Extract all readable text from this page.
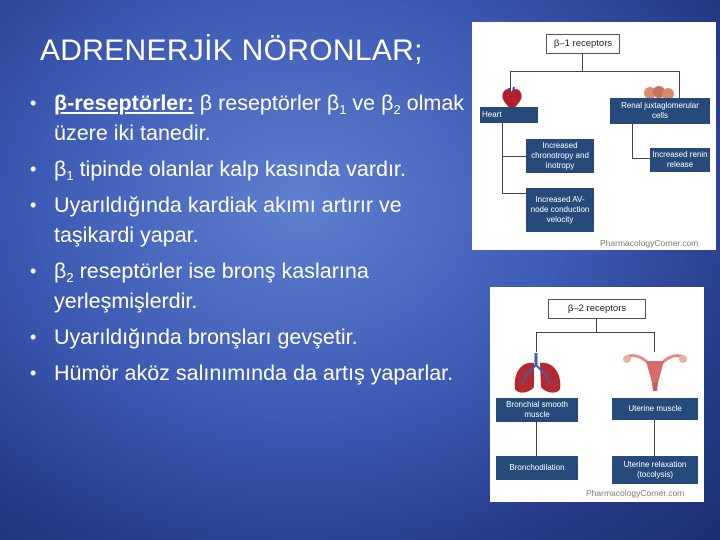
ADRENERJİK NÖRONLAR;
• β-reseptörler: β reseptörler $\beta_1$ ve $\beta_2$ olmak üzere iki tanedir.
• $\beta_1$ tipinde olanlar kalp kasında vardır.
• Uyarıldığında kardiak akımı artırır ve taşikardi yapar.
• $\beta_2$ reseptörler ise bronş kaslarına yerleşmişlerdir.
• Uyarıldığında bronşları gevşetir.
• Hümör aköz salınımında da artış yaparlar.
β–1 receptors
Heart
Renal juxtaglomerular cells
Increased chronotropy and inotropy
Increased AV-node conduction velocity
Increased renin release
PharmacologyCorner.com
β–2 receptors
Bronchial smooth muscle
Uterine muscle
Bronchodilation	Uterine relaxation (tocolysis)
PharmacologyCorner.com
